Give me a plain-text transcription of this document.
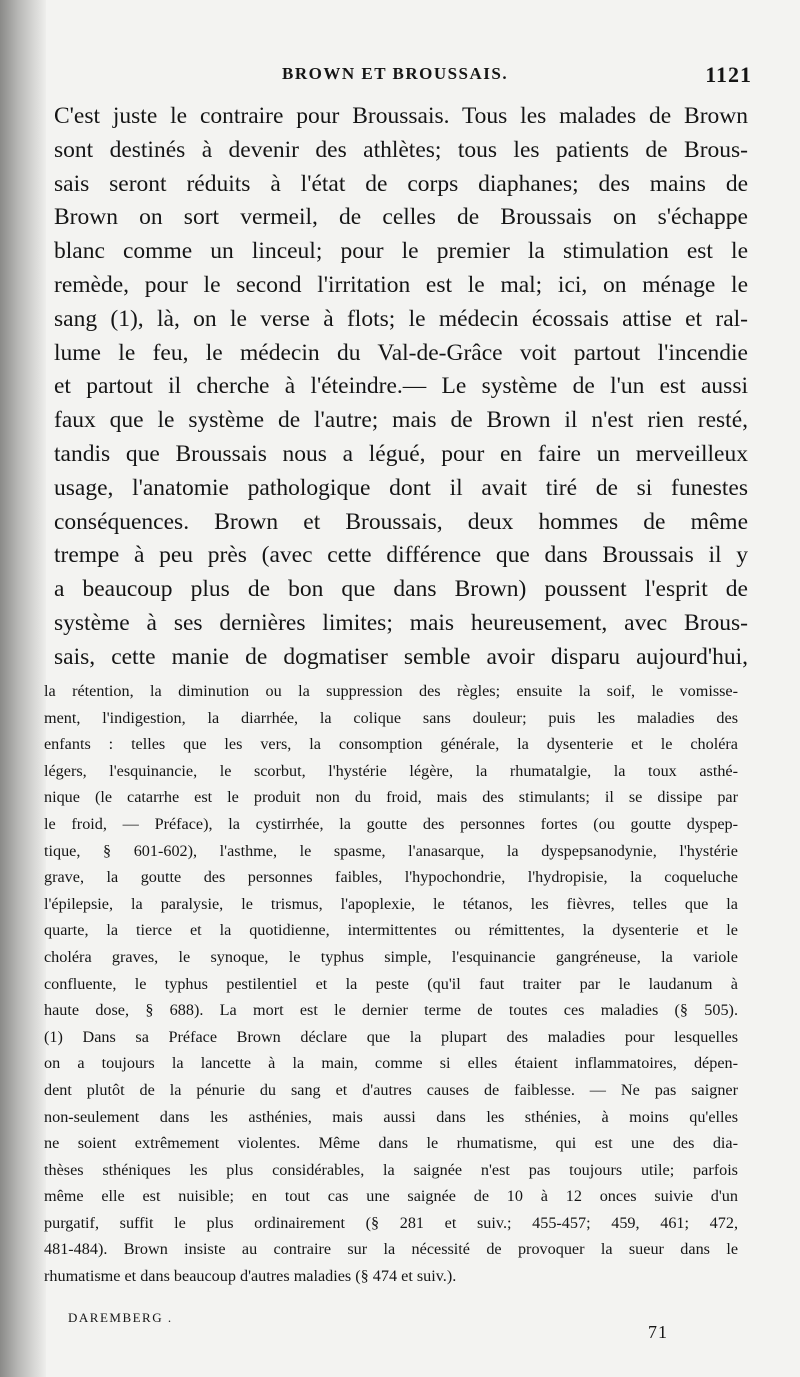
BROWN ET BROUSSAIS.	1121
C'est juste le contraire pour Broussais. Tous les malades de Brown
sont destinés à devenir des athlètes; tous les patients de Brous-
sais seront réduits à l'état de corps diaphanes; des mains de
Brown on sort vermeil, de celles de Broussais on s'échappe
blanc comme un linceul; pour le premier la stimulation est le
remède, pour le second l'irritation est le mal; ici, on ménage le
sang (1), là, on le verse à flots; le médecin écossais attise et ral-
lume le feu, le médecin du Val-de-Grâce voit partout l'incendie
et partout il cherche à l'éteindre.— Le système de l'un est aussi
faux que le système de l'autre; mais de Brown il n'est rien resté,
tandis que Broussais nous a légué, pour en faire un merveilleux
usage, l'anatomie pathologique dont il avait tiré de si funestes
conséquences. Brown et Broussais, deux hommes de même
trempe à peu près (avec cette différence que dans Broussais il y
a beaucoup plus de bon que dans Brown) poussent l'esprit de
système à ses dernières limites; mais heureusement, avec Brous-
sais, cette manie de dogmatiser semble avoir disparu aujourd'hui,
la rétention, la diminution ou la suppression des règles; ensuite la soif, le vomisse-
ment, l'indigestion, la diarrhée, la colique sans douleur; puis les maladies des
enfants : telles que les vers, la consomption générale, la dysenterie et le choléra
légers, l'esquinancie, le scorbut, l'hystérie légère, la rhumatalgie, la toux asthé-
nique (le catarrhe est le produit non du froid, mais des stimulants; il se dissipe par
le froid, — Préface), la cystirrhée, la goutte des personnes fortes (ou goutte dyspep-
tique, § 601-602), l'asthme, le spasme, l'anasarque, la dyspepsanodynie, l'hystérie
grave, la goutte des personnes faibles, l'hypochondrie, l'hydropisie, la coqueluche
l'épilepsie, la paralysie, le trismus, l'apoplexie, le tétanos, les fièvres, telles que la
quarte, la tierce et la quotidienne, intermittentes ou rémittentes, la dysenterie et le
choléra graves, le synoque, le typhus simple, l'esquinancie gangréneuse, la variole
confluente, le typhus pestilentiel et la peste (qu'il faut traiter par le laudanum à
haute dose, § 688). La mort est le dernier terme de toutes ces maladies (§ 505).
(1) Dans sa Préface Brown déclare que la plupart des maladies pour lesquelles
on a toujours la lancette à la main, comme si elles étaient inflammatoires, dépen-
dent plutôt de la pénurie du sang et d'autres causes de faiblesse. — Ne pas saigner
non-seulement dans les asthénies, mais aussi dans les sthénies, à moins qu'elles
ne soient extrêmement violentes. Même dans le rhumatisme, qui est une des dia-
thèses sthéniques les plus considérables, la saignée n'est pas toujours utile; parfois
même elle est nuisible; en tout cas une saignée de 10 à 12 onces suivie d'un
purgatif, suffit le plus ordinairement (§ 281 et suiv.; 455-457; 459, 461; 472,
481-484). Brown insiste au contraire sur la nécessité de provoquer la sueur dans le
rhumatisme et dans beaucoup d'autres maladies (§ 474 et suiv.).
DAREMBERG .
71
